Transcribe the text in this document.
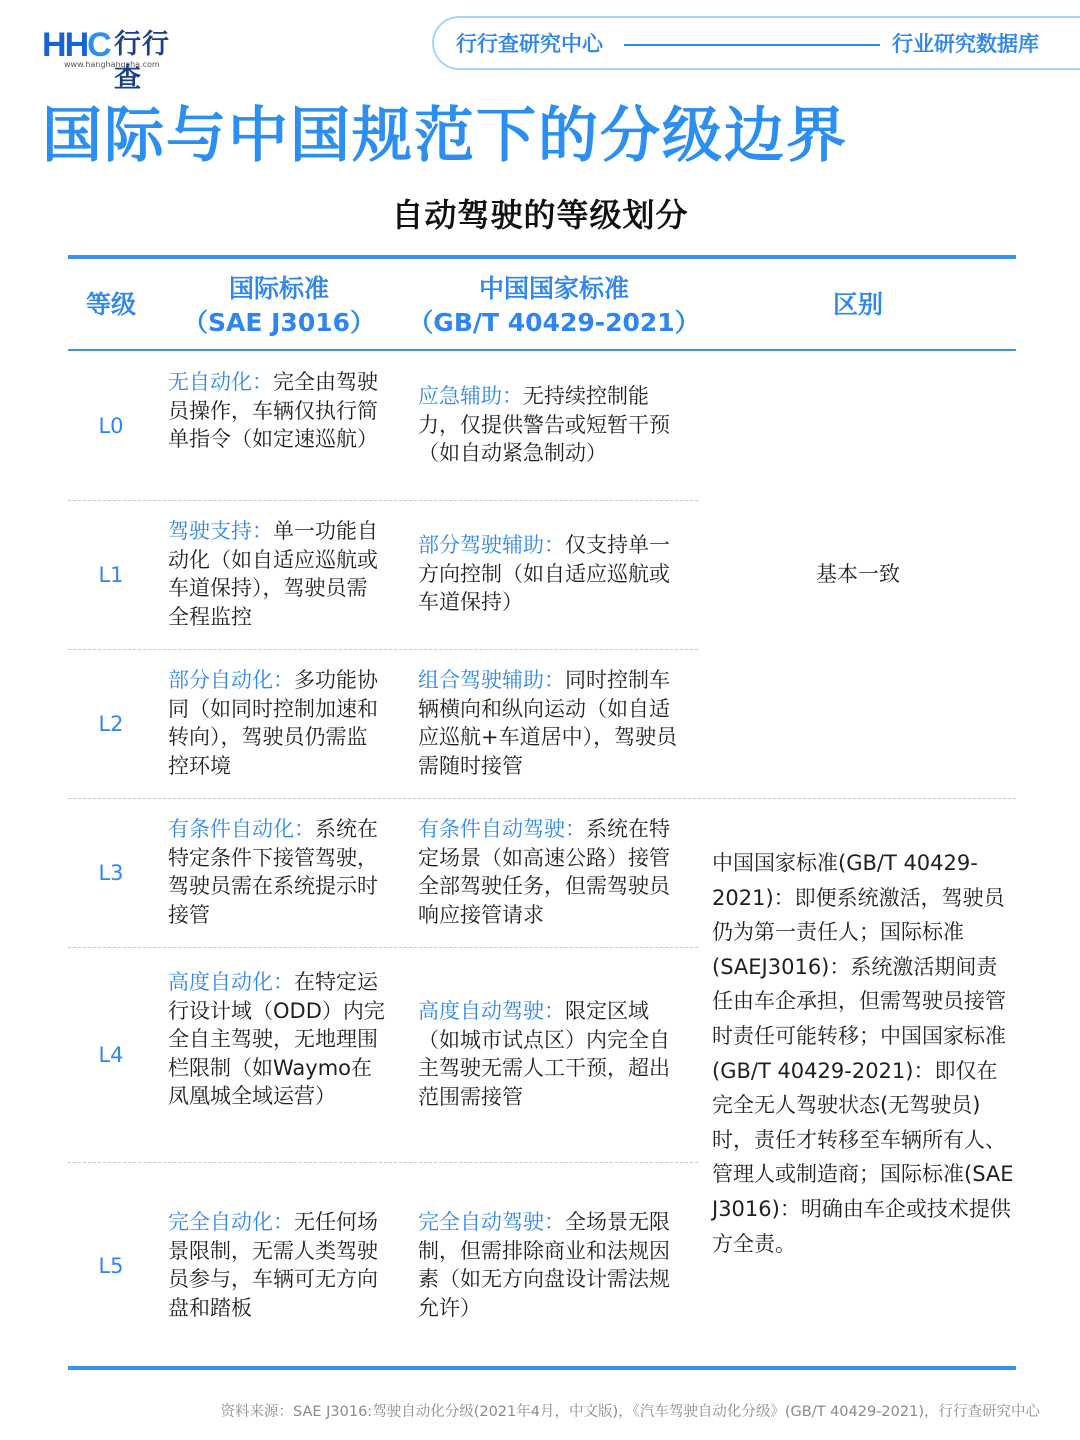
HHC 行行查
www.hanghangcha.com
行行查研究中心	行业研究数据库
国际与中国规范下的分级边界
自动驾驶的等级划分
等级
国际标准
（SAE J3016）
中国国家标准
（GB/T 40429-2021）
区别
L0
无自动化：完全由驾驶员操作，车辆仅执行简单指令（如定速巡航）
应急辅助：无持续控制能力，仅提供警告或短暂干预（如自动紧急制动）
L1
驾驶支持：单一功能自动化（如自适应巡航或车道保持），驾驶员需全程监控
部分驾驶辅助：仅支持单一方向控制（如自适应巡航或车道保持）
L2
部分自动化：多功能协同（如同时控制加速和转向），驾驶员仍需监控环境
组合驾驶辅助：同时控制车辆横向和纵向运动（如自适应巡航+车道居中），驾驶员需随时接管
L3
有条件自动化：系统在特定条件下接管驾驶，驾驶员需在系统提示时接管
有条件自动驾驶：系统在特定场景（如高速公路）接管全部驾驶任务，但需驾驶员响应接管请求
L4
高度自动化：在特定运行设计域（ODD）内完全自主驾驶，无地理围栏限制（如Waymo在凤凰城全域运营）
高度自动驾驶：限定区域（如城市试点区）内完全自主驾驶无需人工干预，超出范围需接管
L5
完全自动化：无任何场景限制，无需人类驾驶员参与，车辆可无方向盘和踏板
完全自动驾驶：全场景无限制，但需排除商业和法规因素（如无方向盘设计需法规允许）
基本一致
中国国家标准(GB/T 40429-2021)：即便系统激活，驾驶员仍为第一责任人；国际标准(SAEJ3016)：系统激活期间责任由车企承担，但需驾驶员接管时责任可能转移；中国国家标准(GB/T 40429-2021)：即仅在完全无人驾驶状态(无驾驶员)时，责任才转移至车辆所有人、管理人或制造商；国际标准(SAE J3016)：明确由车企或技术提供方全责。
资料来源：SAE J3016:驾驶自动化分级(2021年4月，中文版)，《汽车驾驶自动化分级》(GB/T 40429-2021)，行行查研究中心
